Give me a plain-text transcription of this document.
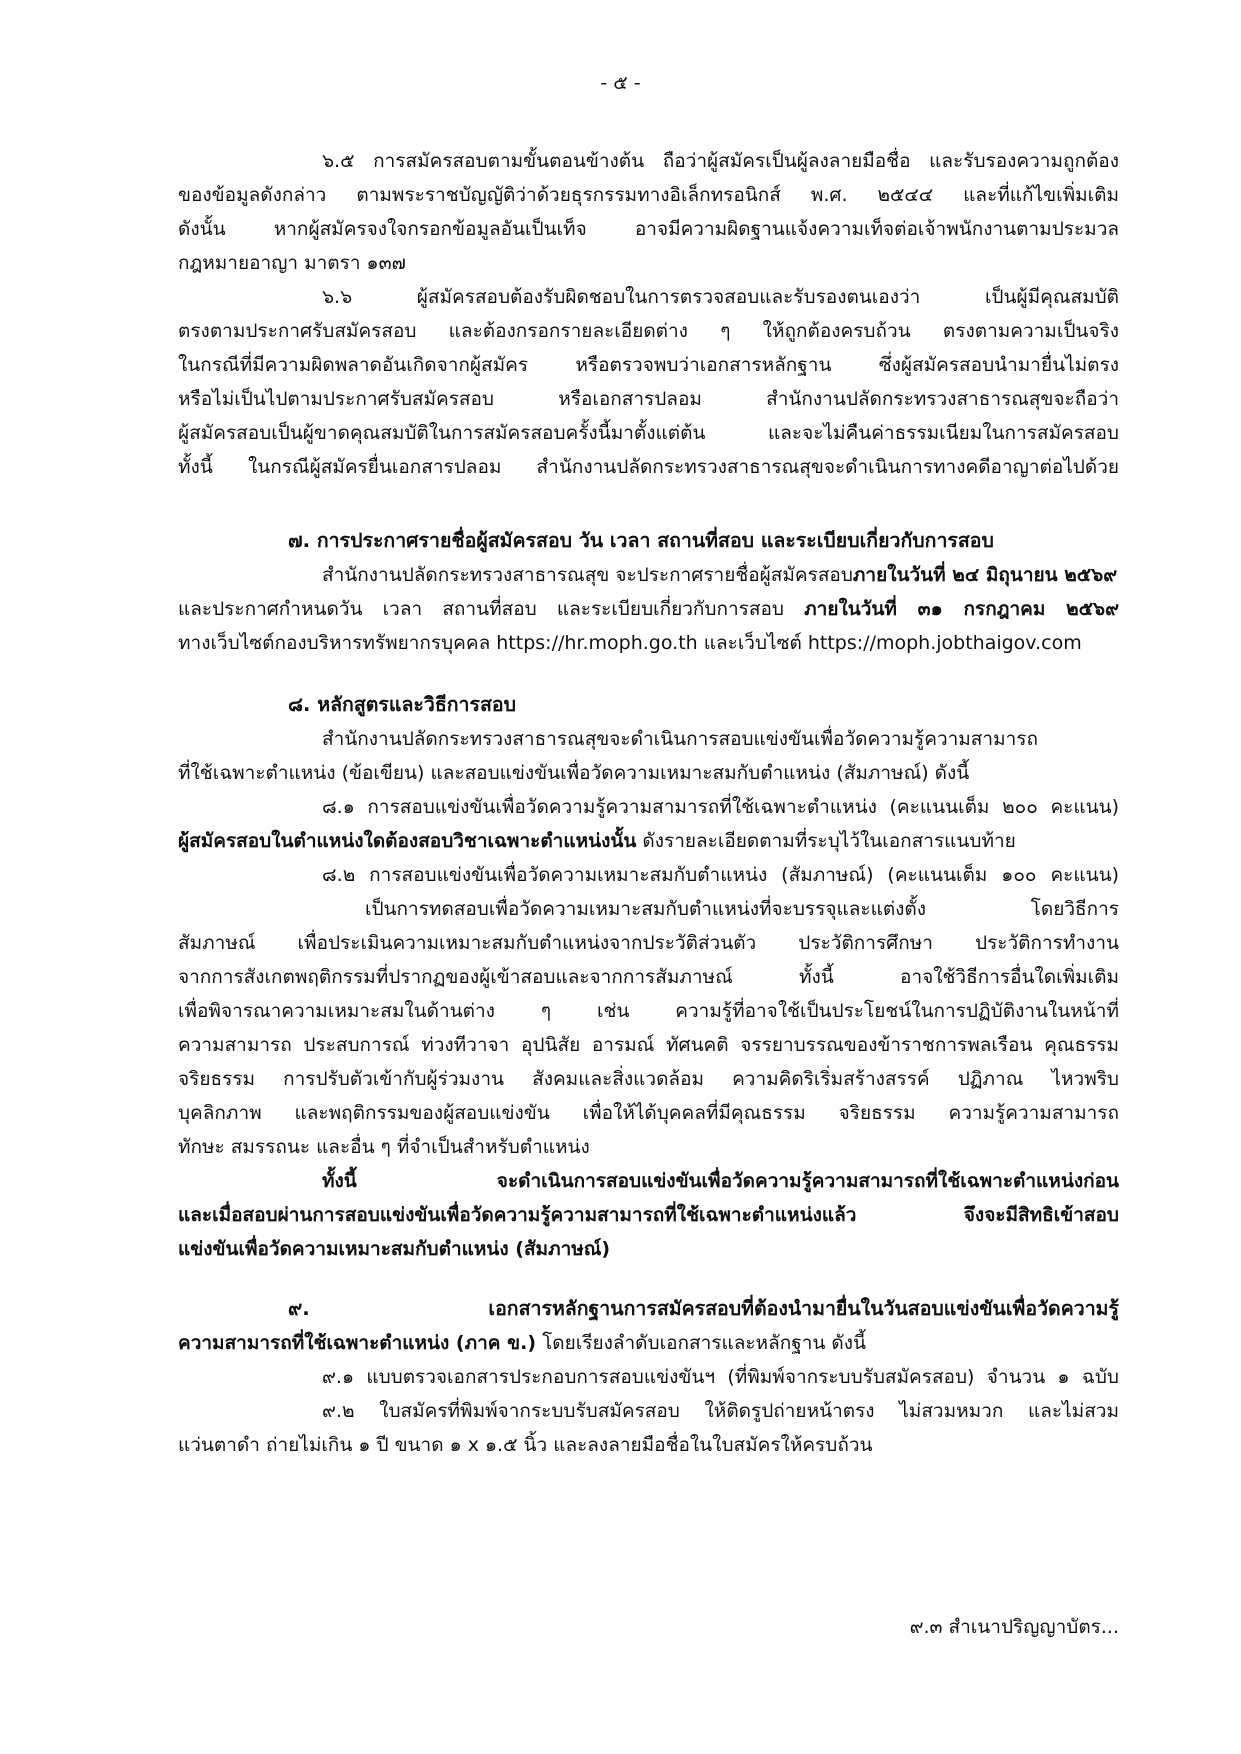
- ๕ -
๖.๕ การสมัครสอบตามขั้นตอนข้างต้น ถือว่าผู้สมัครเป็นผู้ลงลายมือชื่อ และรับรองความถูกต้อง
ของข้อมูลดังกล่าว ตามพระราชบัญญัติว่าด้วยธุรกรรมทางอิเล็กทรอนิกส์ พ.ศ. ๒๕๔๔ และที่แก้ไขเพิ่มเติม
ดังนั้น หากผู้สมัครจงใจกรอกข้อมูลอันเป็นเท็จ อาจมีความผิดฐานแจ้งความเท็จต่อเจ้าพนักงานตามประมวล
กฎหมายอาญา มาตรา ๑๓๗
๖.๖ ผู้สมัครสอบต้องรับผิดชอบในการตรวจสอบและรับรองตนเองว่า เป็นผู้มีคุณสมบัติ
ตรงตามประกาศรับสมัครสอบ และต้องกรอกรายละเอียดต่าง ๆ ให้ถูกต้องครบถ้วน ตรงตามความเป็นจริง
ในกรณีที่มีความผิดพลาดอันเกิดจากผู้สมัคร หรือตรวจพบว่าเอกสารหลักฐาน ซึ่งผู้สมัครสอบนำมายื่นไม่ตรง
หรือไม่เป็นไปตามประกาศรับสมัครสอบ หรือเอกสารปลอม สำนักงานปลัดกระทรวงสาธารณสุขจะถือว่า
ผู้สมัครสอบเป็นผู้ขาดคุณสมบัติในการสมัครสอบครั้งนี้มาตั้งแต่ต้น และจะไม่คืนค่าธรรมเนียมในการสมัครสอบ
ทั้งนี้ ในกรณีผู้สมัครยื่นเอกสารปลอม สำนักงานปลัดกระทรวงสาธารณสุขจะดำเนินการทางคดีอาญาต่อไปด้วย
๗. การประกาศรายชื่อผู้สมัครสอบ วัน เวลา สถานที่สอบ และระเบียบเกี่ยวกับการสอบ
สำนักงานปลัดกระทรวงสาธารณสุข จะประกาศรายชื่อผู้สมัครสอบภายในวันที่ ๒๔ มิถุนายน ๒๕๖๙
และประกาศกำหนดวัน เวลา สถานที่สอบ และระเบียบเกี่ยวกับการสอบ ภายในวันที่ ๓๑ กรกฎาคม ๒๕๖๙
ทางเว็บไซต์กองบริหารทรัพยากรบุคคล https://hr.moph.go.th และเว็บไซต์ https://moph.jobthaigov.com
๘. หลักสูตรและวิธีการสอบ
สำนักงานปลัดกระทรวงสาธารณสุขจะดำเนินการสอบแข่งขันเพื่อวัดความรู้ความสามารถ
ที่ใช้เฉพาะตำแหน่ง (ข้อเขียน) และสอบแข่งขันเพื่อวัดความเหมาะสมกับตำแหน่ง (สัมภาษณ์) ดังนี้
๘.๑ การสอบแข่งขันเพื่อวัดความรู้ความสามารถที่ใช้เฉพาะตำแหน่ง (คะแนนเต็ม ๒๐๐ คะแนน)
ผู้สมัครสอบในตำแหน่งใดต้องสอบวิชาเฉพาะตำแหน่งนั้น ดังรายละเอียดตามที่ระบุไว้ในเอกสารแนบท้าย
๘.๒ การสอบแข่งขันเพื่อวัดความเหมาะสมกับตำแหน่ง (สัมภาษณ์) (คะแนนเต็ม ๑๐๐ คะแนน)
เป็นการทดสอบเพื่อวัดความเหมาะสมกับตำแหน่งที่จะบรรจุและแต่งตั้ง โดยวิธีการ
สัมภาษณ์ เพื่อประเมินความเหมาะสมกับตำแหน่งจากประวัติส่วนตัว ประวัติการศึกษา ประวัติการทำงาน
จากการสังเกตพฤติกรรมที่ปรากฏของผู้เข้าสอบและจากการสัมภาษณ์ ทั้งนี้ อาจใช้วิธีการอื่นใดเพิ่มเติม
เพื่อพิจารณาความเหมาะสมในด้านต่าง ๆ เช่น ความรู้ที่อาจใช้เป็นประโยชน์ในการปฏิบัติงานในหน้าที่
ความสามารถ ประสบการณ์ ท่วงทีวาจา อุปนิสัย อารมณ์ ทัศนคติ จรรยาบรรณของข้าราชการพลเรือน คุณธรรม
จริยธรรม การปรับตัวเข้ากับผู้ร่วมงาน สังคมและสิ่งแวดล้อม ความคิดริเริ่มสร้างสรรค์ ปฏิภาณ ไหวพริบ
บุคลิกภาพ และพฤติกรรมของผู้สอบแข่งขัน เพื่อให้ได้บุคคลที่มีคุณธรรม จริยธรรม ความรู้ความสามารถ
ทักษะ สมรรถนะ และอื่น ๆ ที่จำเป็นสำหรับตำแหน่ง
ทั้งนี้ จะดำเนินการสอบแข่งขันเพื่อวัดความรู้ความสามารถที่ใช้เฉพาะตำแหน่งก่อน
และเมื่อสอบผ่านการสอบแข่งขันเพื่อวัดความรู้ความสามารถที่ใช้เฉพาะตำแหน่งแล้ว จึงจะมีสิทธิเข้าสอบ
แข่งขันเพื่อวัดความเหมาะสมกับตำแหน่ง (สัมภาษณ์)
๙. เอกสารหลักฐานการสมัครสอบที่ต้องนำมายื่นในวันสอบแข่งขันเพื่อวัดความรู้
ความสามารถที่ใช้เฉพาะตำแหน่ง (ภาค ข.) โดยเรียงลำดับเอกสารและหลักฐาน ดังนี้
๙.๑ แบบตรวจเอกสารประกอบการสอบแข่งขันฯ (ที่พิมพ์จากระบบรับสมัครสอบ) จำนวน ๑ ฉบับ
๙.๒ ใบสมัครที่พิมพ์จากระบบรับสมัครสอบ ให้ติดรูปถ่ายหน้าตรง ไม่สวมหมวก และไม่สวม
แว่นตาดำ ถ่ายไม่เกิน ๑ ปี ขนาด ๑ x ๑.๕ นิ้ว และลงลายมือชื่อในใบสมัครให้ครบถ้วน
๙.๓ สำเนาปริญญาบัตร...
